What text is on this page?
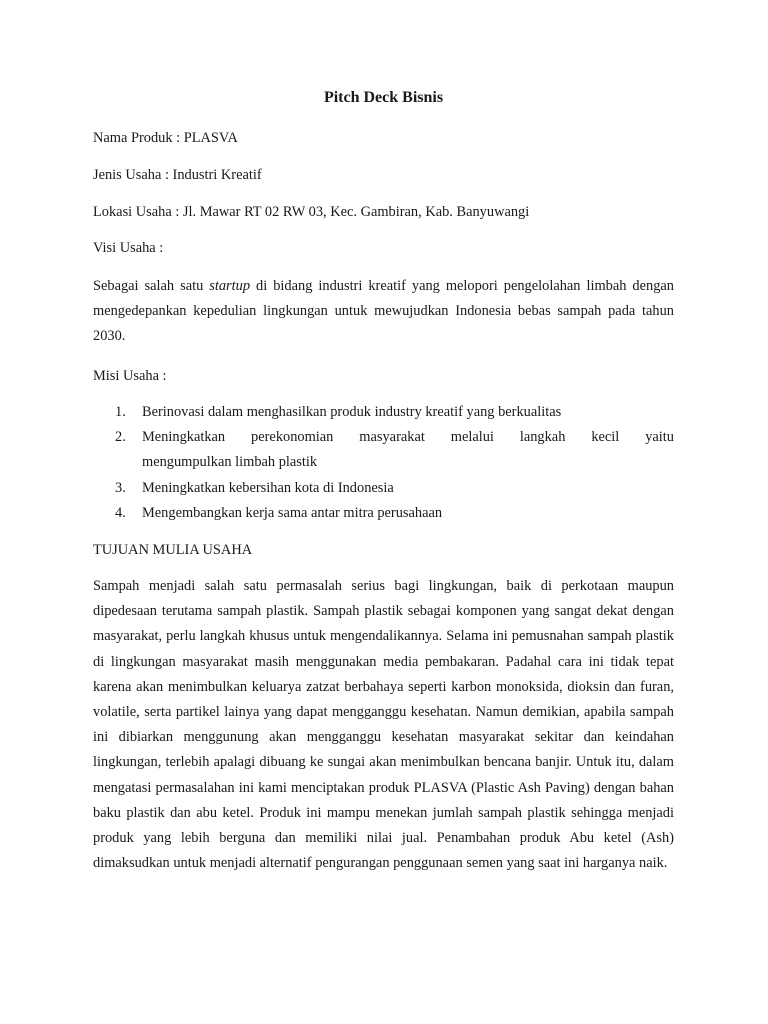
Pitch Deck Bisnis
Nama Produk : PLASVA
Jenis Usaha : Industri Kreatif
Lokasi Usaha : Jl. Mawar RT 02 RW 03, Kec. Gambiran, Kab. Banyuwangi
Visi Usaha :
Sebagai salah satu startup di bidang industri kreatif yang melopori pengelolahan limbah dengan mengedepankan kepedulian lingkungan untuk mewujudkan Indonesia bebas sampah pada tahun 2030.
Misi Usaha :
1. Berinovasi dalam menghasilkan produk industry kreatif yang berkualitas
2. Meningkatkan perekonomian masyarakat melalui langkah kecil yaitu
mengumpulkan limbah plastik
3. Meningkatkan kebersihan kota di Indonesia
4. Mengembangkan kerja sama antar mitra perusahaan
TUJUAN MULIA USAHA
Sampah menjadi salah satu permasalah serius bagi lingkungan, baik di perkotaan maupun dipedesaan terutama sampah plastik. Sampah plastik sebagai komponen yang sangat dekat dengan masyarakat, perlu langkah khusus untuk mengendalikannya. Selama ini pemusnahan sampah plastik di lingkungan masyarakat masih menggunakan media pembakaran. Padahal cara ini tidak tepat karena akan menimbulkan keluarya zatzat berbahaya seperti karbon monoksida, dioksin dan furan, volatile, serta partikel lainya yang dapat mengganggu kesehatan. Namun demikian, apabila sampah ini dibiarkan menggunung akan mengganggu kesehatan masyarakat sekitar dan keindahan lingkungan, terlebih apalagi dibuang ke sungai akan menimbulkan bencana banjir. Untuk itu, dalam mengatasi permasalahan ini kami menciptakan produk PLASVA (Plastic Ash Paving) dengan bahan baku plastik dan abu ketel. Produk ini mampu menekan jumlah sampah plastik sehingga menjadi produk yang lebih berguna dan memiliki nilai jual. Penambahan produk Abu ketel (Ash) dimaksudkan untuk menjadi alternatif pengurangan penggunaan semen yang saat ini harganya naik.
